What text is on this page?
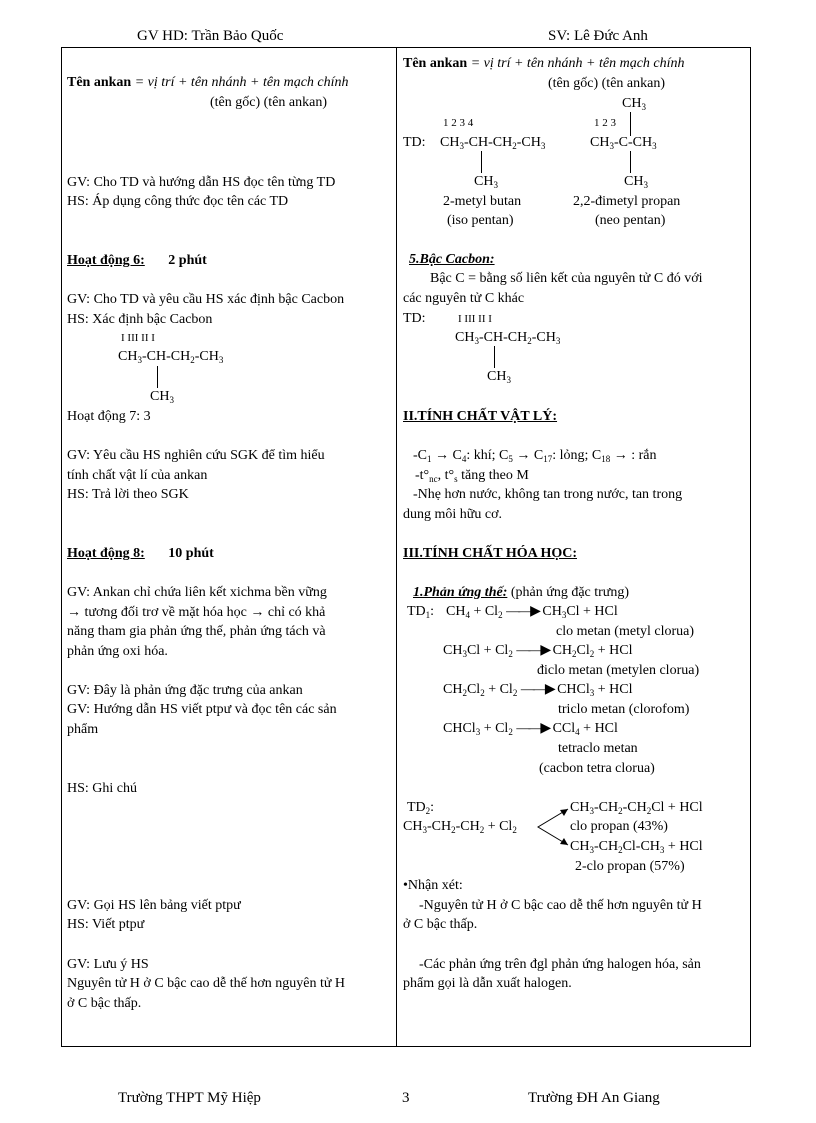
GV HD: Trần Bảo Quốc	SV: Lê Đức Anh
Tên ankan = vị trí + tên nhánh + tên mạch chính
(tên gốc) (tên ankan)
GV: Cho TD và hướng dẫn HS đọc tên từng TD
HS: Áp dụng công thức đọc tên các TD
Hoạt động 6: 2 phút
GV: Cho TD và yêu cầu HS xác định bậc Cacbon
HS: Xác định bậc Cacbon
I III II I
$CH_3-CH-CH_2-CH_3$
$CH_3$
Hoạt động 7: 3
GV: Yêu cầu HS nghiên cứu SGK để tìm hiểu
tính chất vật lí của ankan
HS: Trả lời theo SGK
Hoạt động 8: 10 phút
GV: Ankan chỉ chứa liên kết xichma bền vững
→ tương đối trơ về mặt hóa học → chỉ có khả
năng tham gia phản ứng thế, phản ứng tách và
phản ứng oxi hóa.
GV: Đây là phản ứng đặc trưng của ankan
GV: Hướng dẫn HS viết ptpư và đọc tên các sản
phẩm
HS: Ghi chú
GV: Gọi HS lên bảng viết ptpư
HS: Viết ptpư
GV: Lưu ý HS
Nguyên tử H ở C bậc cao dễ thế hơn nguyên tử H
ở C bậc thấp.
Tên ankan = vị trí + tên nhánh + tên mạch chính
(tên gốc) (tên ankan)
$CH_3$
1 2 3 4	1 2 3
TD: $CH_3-CH-CH_2-CH_3$	$CH_3-C-CH_3$
$CH_3$	$CH_3$
2-metyl butan
(iso pentan)
2,2-đimetyl propan
(neo pentan)
5.Bậc Cacbon:
Bậc C = bằng số liên kết của nguyên tử C đó với
các nguyên tử C khác
TD:	I III II I
$CH_3-CH-CH_2-CH_3$
$CH_3$
II.TÍNH CHẤT VẬT LÝ:
$-C_1 \to C_4$: khí; $C_5 \to C_{17}$: lỏng; $C_{18}$ → : rắn
$-t^\circ_{nc}$, $t^\circ_s$ tăng theo M
-Nhẹ hơn nước, không tan trong nước, tan trong
dung môi hữu cơ.
III.TÍNH CHẤT HÓA HỌC:
1.Phản ứng thế: (phản ứng đặc trưng)
$TD_1$: $CH_4 + Cl_2$ ——▶ $CH_3Cl$ + HCl
clo metan (metyl clorua)
$CH_3Cl + Cl_2$ ——▶ $CH_2Cl_2$ + HCl
điclo metan (metylen clorua)
$CH_2Cl_2 + Cl_2$ ——▶ CHCl$_3$ + HCl
triclo metan (clorofom)
CHCl$_3$ + $Cl_2$ ——▶ CCl$_4$ + HCl
tetraclo metan
(cacbon tetra clorua)
$TD_2$:
$CH_3-CH_2-CH_2 + Cl_2$
$CH_3-CH_2-CH_2Cl$ + HCl
clo propan (43%)
$CH_3-CH_2Cl-CH_3$ + HCl
2-clo propan (57%)
•Nhận xét:
-Nguyên tử H ở C bậc cao dễ thế hơn nguyên tử H
ở C bậc thấp.
-Các phản ứng trên đgl phản ứng halogen hóa, sản
phẩm gọi là dẫn xuất halogen.
Trường THPT Mỹ Hiệp	3	Trường ĐH An Giang
